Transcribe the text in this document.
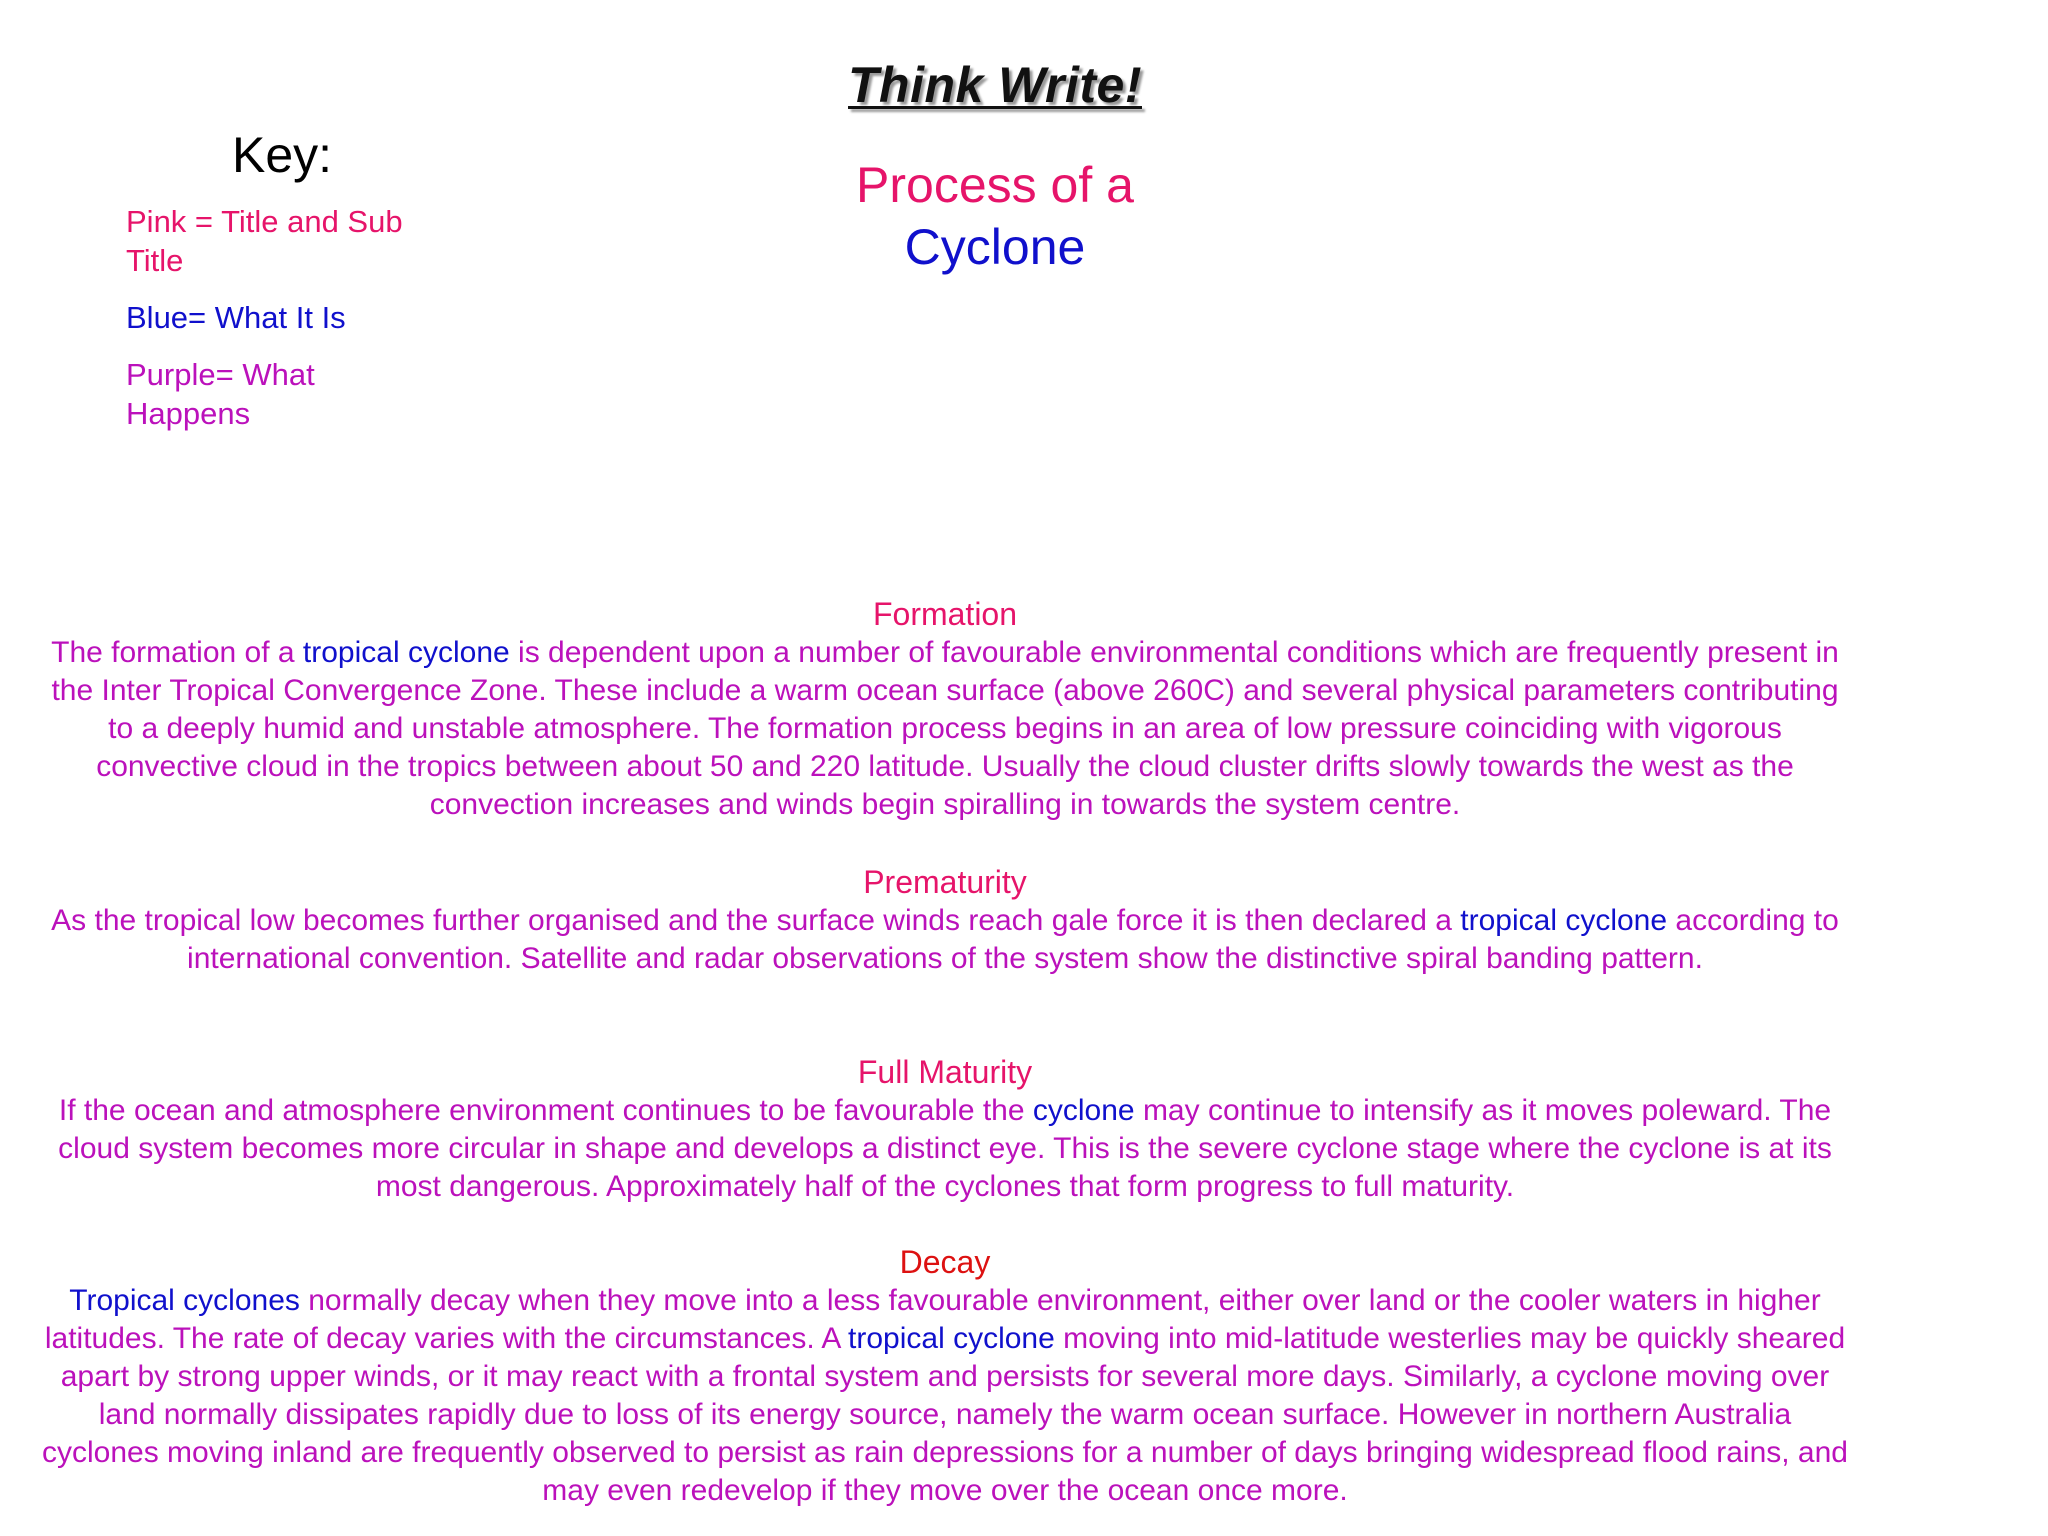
Think Write!
Key:
Pink = Title and Sub Title
Blue= What It Is
Purple= What Happens
Process of a
Cyclone
Formation

The formation of a tropical cyclone is dependent upon a number of favourable environmental conditions which are frequently present in the Inter Tropical Convergence Zone. These include a warm ocean surface (above 260C) and several physical parameters contributing to a deeply humid and unstable atmosphere. The formation process begins in an area of low pressure coinciding with vigorous convective cloud in the tropics between about 50 and 220 latitude. Usually the cloud cluster drifts slowly towards the west as the convection increases and winds begin spiralling in towards the system centre.

Prematurity

As the tropical low becomes further organised and the surface winds reach gale force it is then declared a tropical cyclone according to international convention. Satellite and radar observations of the system show the distinctive spiral banding pattern.

Full Maturity

If the ocean and atmosphere environment continues to be favourable the cyclone may continue to intensify as it moves poleward. The cloud system becomes more circular in shape and develops a distinct eye. This is the severe cyclone stage where the cyclone is at its most dangerous. Approximately half of the cyclones that form progress to full maturity.

Decay

Tropical cyclones normally decay when they move into a less favourable environment, either over land or the cooler waters in higher latitudes. The rate of decay varies with the circumstances. A tropical cyclone moving into mid-latitude westerlies may be quickly sheared apart by strong upper winds, or it may react with a frontal system and persists for several more days. Similarly, a cyclone moving over land normally dissipates rapidly due to loss of its energy source, namely the warm ocean surface. However in northern Australia cyclones moving inland are frequently observed to persist as rain depressions for a number of days bringing widespread flood rains, and may even redevelop if they move over the ocean once more.
